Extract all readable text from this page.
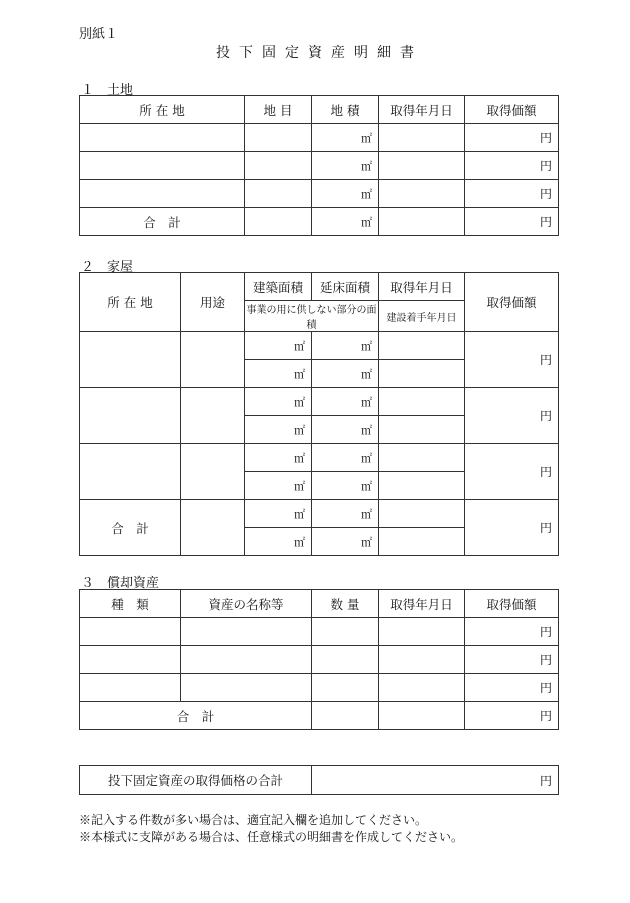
別紙１
投下固定資産明細書
１　土地
所 在 地	地 目	地 積	取得年月日	取得価額
		㎡		円
		㎡		円
		㎡		円
合　計		㎡		円
２　家屋
所 在 地	用途	建築面積	延床面積	取得年月日	取得価額
		事業の用に供しない部分の面積		建設着手年月日	
		㎡	㎡		円
		㎡	㎡		
		㎡	㎡		円
		㎡	㎡		
		㎡	㎡		円
		㎡	㎡		
合　計		㎡	㎡		円
		㎡	㎡		
３　償却資産
種　類	資産の名称等	数 量	取得年月日	取得価額
				円
				円
				円
合　計				円
投下固定資産の取得価格の合計	円
※記入する件数が多い場合は、適宜記入欄を追加してください。
※本様式に支障がある場合は、任意様式の明細書を作成してください。
